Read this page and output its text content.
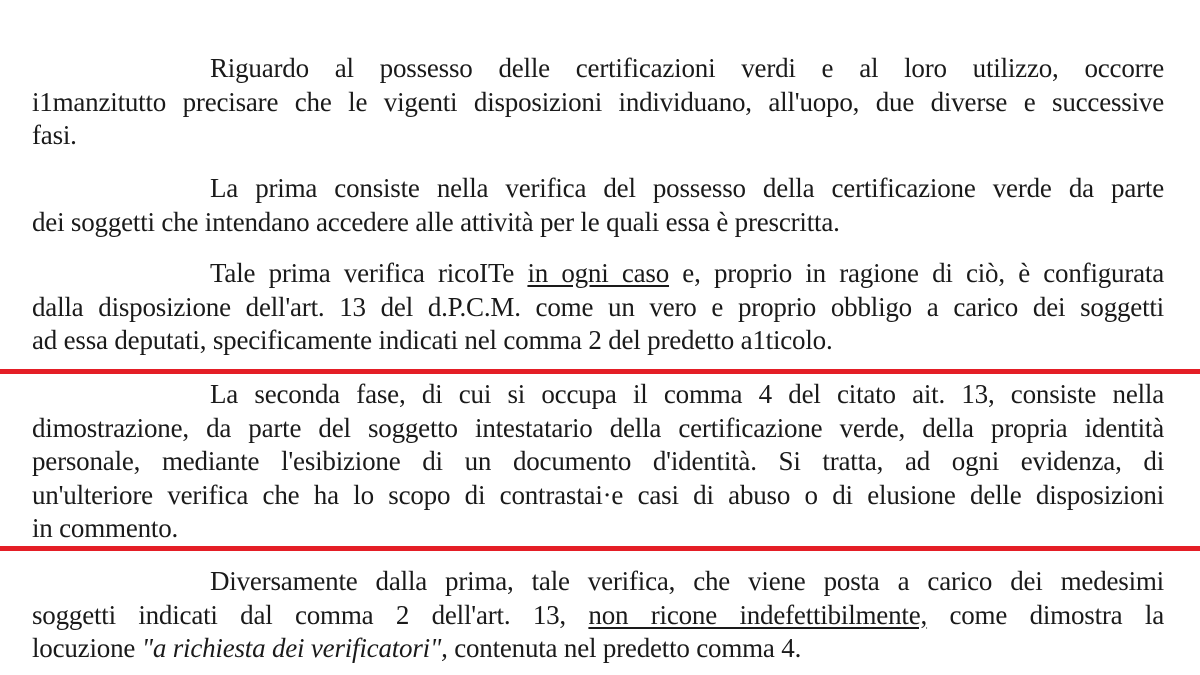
Riguardo al possesso delle certificazioni verdi e al loro utilizzo, occorre
i1manzitutto precisare che le vigenti disposizioni individuano, all'uopo, due diverse e successive
fasi.
La prima consiste nella verifica del possesso della certificazione verde da parte
dei soggetti che intendano accedere alle attività per le quali essa è prescritta.
Tale prima verifica ricoITe in ogni caso e, proprio in ragione di ciò, è configurata
dalla disposizione dell'art. 13 del d.P.C.M. come un vero e proprio obbligo a carico dei soggetti
ad essa deputati, specificamente indicati nel comma 2 del predetto a1ticolo.
La seconda fase, di cui si occupa il comma 4 del citato ait. 13, consiste nella
dimostrazione, da parte del soggetto intestatario della certificazione verde, della propria identità
personale, mediante l'esibizione di un documento d'identità. Si tratta, ad ogni evidenza, di
un'ulteriore verifica che ha lo scopo di contrastai·e casi di abuso o di elusione delle disposizioni
in commento.
Diversamente dalla prima, tale verifica, che viene posta a carico dei medesimi
soggetti indicati dal comma 2 dell'art. 13, non ricone indefettibilmente, come dimostra la
locuzione "a richiesta dei verificatori", contenuta nel predetto comma 4.
